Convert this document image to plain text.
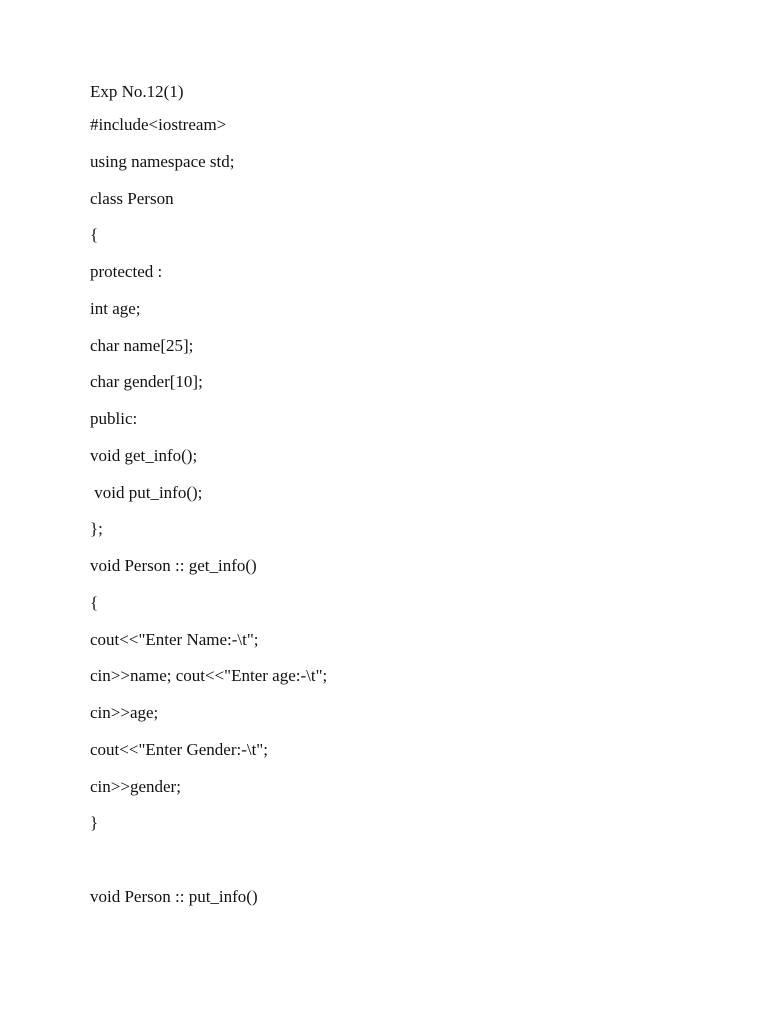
Exp No.12(1)
#include<iostream>
using namespace std;
class Person
{
protected :
int age;
char name[25];
char gender[10];
public:
void get_info();
void put_info();
};
void Person :: get_info()
{
cout<<"Enter Name:-\t";
cin>>name; cout<<"Enter age:-\t";
cin>>age;
cout<<"Enter Gender:-\t";
cin>>gender;
}
void Person :: put_info()
